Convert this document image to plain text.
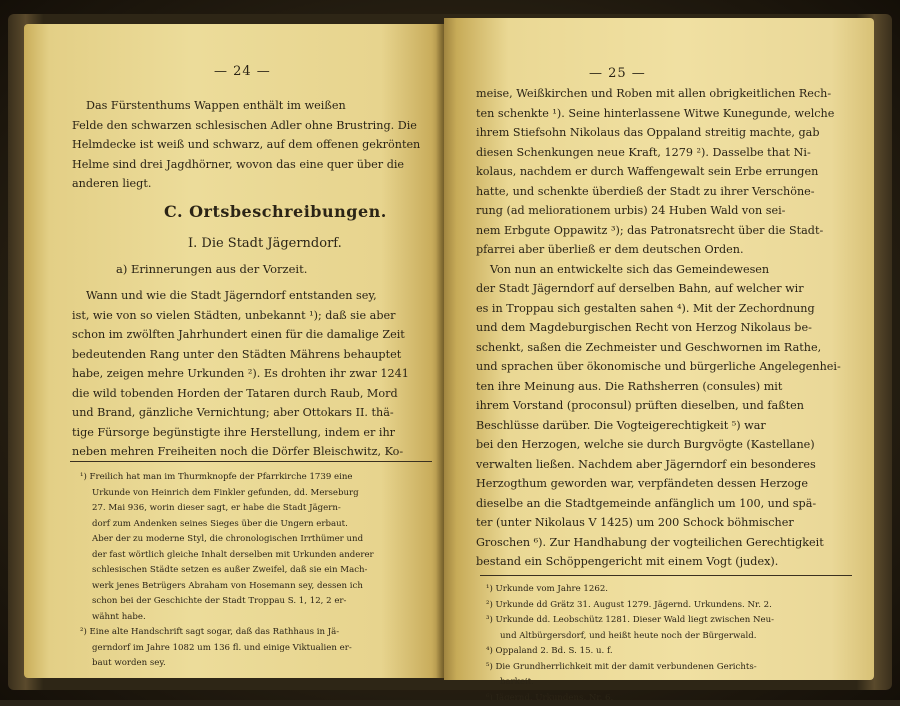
— 24 —
Das Fürstenthums Wappen enthält im weißen
Felde den schwarzen schlesischen Adler ohne Brustring. Die
Helmdecke ist weiß und schwarz, auf dem offenen gekrönten
Helme sind drei Jagdhörner, wovon das eine quer über die
anderen liegt.
C. Ortsbeschreibungen.
I. Die Stadt Jägerndorf.
a) Erinnerungen aus der Vorzeit.
Wann und wie die Stadt Jägerndorf entstanden sey,
ist, wie von so vielen Städten, unbekannt ¹); daß sie aber
schon im zwölften Jahrhundert einen für die damalige Zeit
bedeutenden Rang unter den Städten Mährens behauptet
habe, zeigen mehre Urkunden ²). Es drohten ihr zwar 1241
die wild tobenden Horden der Tataren durch Raub, Mord
und Brand, gänzliche Vernichtung; aber Ottokars II. thä-
tige Fürsorge begünstigte ihre Herstellung, indem er ihr
neben mehren Freiheiten noch die Dörfer Bleischwitz, Ko-
¹) Freilich hat man im Thurmknopfe der Pfarrkirche 1739 eine
Urkunde von Heinrich dem Finkler gefunden, dd. Merseburg
27. Mai 936, worin dieser sagt, er habe die Stadt Jägern-
dorf zum Andenken seines Sieges über die Ungern erbaut.
Aber der zu moderne Styl, die chronologischen Irrthümer und
der fast wörtlich gleiche Inhalt derselben mit Urkunden anderer
schlesischen Städte setzen es außer Zweifel, daß sie ein Mach-
werk jenes Betrügers Abraham von Hosemann sey, dessen ich
schon bei der Geschichte der Stadt Troppau S. 1, 12, 2 er-
wähnt habe.
²) Eine alte Handschrift sagt sogar, daß das Rathhaus in Jä-
gerndorf im Jahre 1082 um 136 fl. und einige Viktualien er-
baut worden sey.
— 25 —
meise, Weißkirchen und Roben mit allen obrigkeitlichen Rech-
ten schenkte ¹). Seine hinterlassene Witwe Kunegunde, welche
ihrem Stiefsohn Nikolaus das Oppaland streitig machte, gab
diesen Schenkungen neue Kraft, 1279 ²). Dasselbe that Ni-
kolaus, nachdem er durch Waffengewalt sein Erbe errungen
hatte, und schenkte überdieß der Stadt zu ihrer Verschöne-
rung (ad meliorationem urbis) 24 Huben Wald von sei-
nem Erbgute Oppawitz ³); das Patronatsrecht über die Stadt-
pfarrei aber überließ er dem deutschen Orden.
Von nun an entwickelte sich das Gemeindewesen
der Stadt Jägerndorf auf derselben Bahn, auf welcher wir
es in Troppau sich gestalten sahen ⁴). Mit der Zechordnung
und dem Magdeburgischen Recht von Herzog Nikolaus be-
schenkt, saßen die Zechmeister und Geschwornen im Rathe,
und sprachen über ökonomische und bürgerliche Angelegenhei-
ten ihre Meinung aus. Die Rathsherren (consules) mit
ihrem Vorstand (proconsul) prüften dieselben, und faßten
Beschlüsse darüber. Die Vogteigerechtigkeit ⁵) war
bei den Herzogen, welche sie durch Burgvögte (Kastellane)
verwalten ließen. Nachdem aber Jägerndorf ein besonderes
Herzogthum geworden war, verpfändeten dessen Herzoge
dieselbe an die Stadtgemeinde anfänglich um 100, und spä-
ter (unter Nikolaus V 1425) um 200 Schock böhmischer
Groschen ⁶). Zur Handhabung der vogteilichen Gerechtigkeit
bestand ein Schöppengericht mit einem Vogt (judex).
¹) Urkunde vom Jahre 1262.
²) Urkunde dd Grätz 31. August 1279. Jägernd. Urkundens. Nr. 2.
³) Urkunde dd. Leobschütz 1281. Dieser Wald liegt zwischen Neu-
und Altbürgersdorf, und heißt heute noch der Bürgerwald.
⁴) Oppaland 2. Bd. S. 15. u. f.
⁵) Die Grundherrlichkeit mit der damit verbundenen Gerichts-
barkeit.
⁶) Jägernd. Urkundens. Nr. 6.
